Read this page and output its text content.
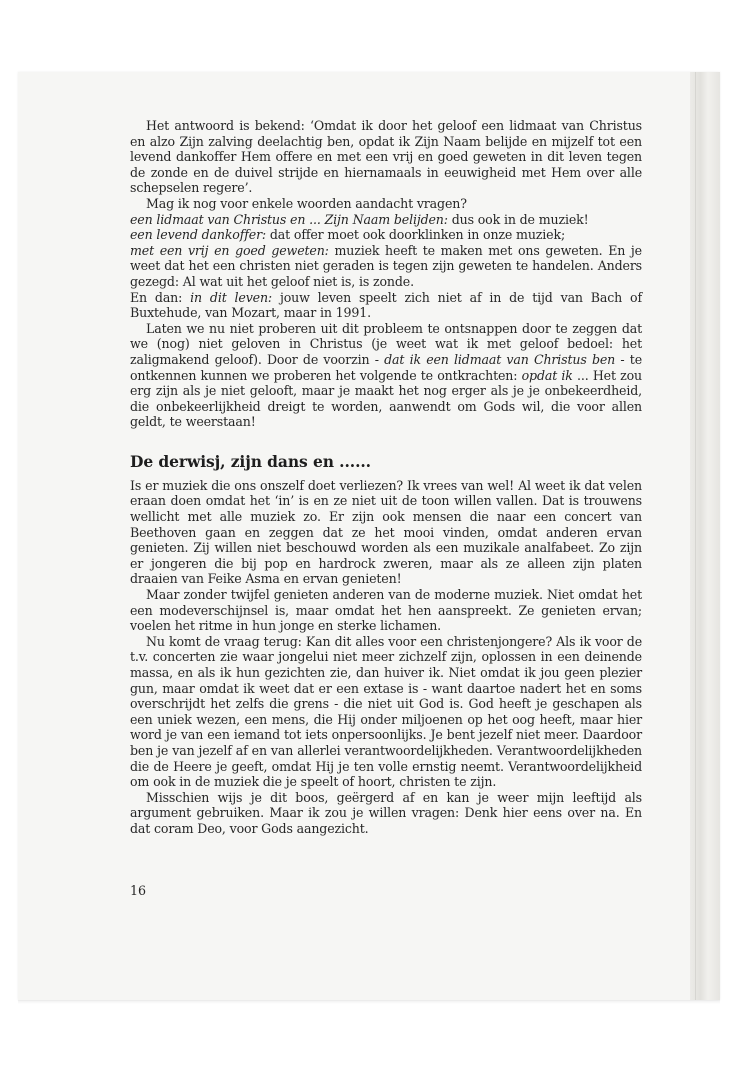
Het antwoord is bekend: ‘Omdat ik door het geloof een lidmaat van Christus en alzo Zijn zalving deelachtig ben, opdat ik Zijn Naam belijde en mijzelf tot een levend dankoffer Hem offere en met een vrij en goed geweten in dit leven tegen de zonde en de duivel strijde en hiernamaals in eeuwigheid met Hem over alle schepselen regere’.

Mag ik nog voor enkele woorden aandacht vragen?

een lidmaat van Christus en ... Zijn Naam belijden: dus ook in de muziek!

een levend dankoffer: dat offer moet ook doorklinken in onze muziek;

met een vrij en goed geweten: muziek heeft te maken met ons geweten. En je weet dat het een christen niet geraden is tegen zijn geweten te handelen. Anders gezegd: Al wat uit het geloof niet is, is zonde.

En dan: in dit leven: jouw leven speelt zich niet af in de tijd van Bach of Buxtehude, van Mozart, maar in 1991.

Laten we nu niet proberen uit dit probleem te ontsnappen door te zeggen dat we (nog) niet geloven in Christus (je weet wat ik met geloof bedoel: het zaligmakend geloof). Door de voorzin - dat ik een lidmaat van Christus ben - te ontkennen kunnen we proberen het volgende te ontkrachten: opdat ik ... Het zou erg zijn als je niet gelooft, maar je maakt het nog erger als je je onbekeerdheid, die onbekeerlijkheid dreigt te worden, aanwendt om Gods wil, die voor allen geldt, te weerstaan!

De derwisj, zijn dans en ......

Is er muziek die ons onszelf doet verliezen? Ik vrees van wel! Al weet ik dat velen eraan doen omdat het ‘in’ is en ze niet uit de toon willen vallen. Dat is trouwens wellicht met alle muziek zo. Er zijn ook mensen die naar een concert van Beethoven gaan en zeggen dat ze het mooi vinden, omdat anderen ervan genieten. Zij willen niet beschouwd worden als een muzikale analfabeet. Zo zijn er jongeren die bij pop en hardrock zweren, maar als ze alleen zijn platen draaien van Feike Asma en ervan genieten!

Maar zonder twijfel genieten anderen van de moderne muziek. Niet omdat het een modeverschijnsel is, maar omdat het hen aanspreekt. Ze genieten ervan; voelen het ritme in hun jonge en sterke lichamen.

Nu komt de vraag terug: Kan dit alles voor een christenjongere? Als ik voor de t.v. concerten zie waar jongelui niet meer zichzelf zijn, oplossen in een deinende massa, en als ik hun gezichten zie, dan huiver ik. Niet omdat ik jou geen plezier gun, maar omdat ik weet dat er een extase is - want daartoe nadert het en soms overschrijdt het zelfs die grens - die niet uit God is. God heeft je geschapen als een uniek wezen, een mens, die Hij onder miljoenen op het oog heeft, maar hier word je van een iemand tot iets onpersoonlijks. Je bent jezelf niet meer. Daardoor ben je van jezelf af en van allerlei verantwoordelijkheden. Verantwoordelijkheden die de Heere je geeft, omdat Hij je ten volle ernstig neemt. Verantwoordelijkheid om ook in de muziek die je speelt of hoort, christen te zijn.

Misschien wijs je dit boos, geërgerd af en kan je weer mijn leeftijd als argument gebruiken. Maar ik zou je willen vragen: Denk hier eens over na. En dat coram Deo, voor Gods aangezicht.

16
